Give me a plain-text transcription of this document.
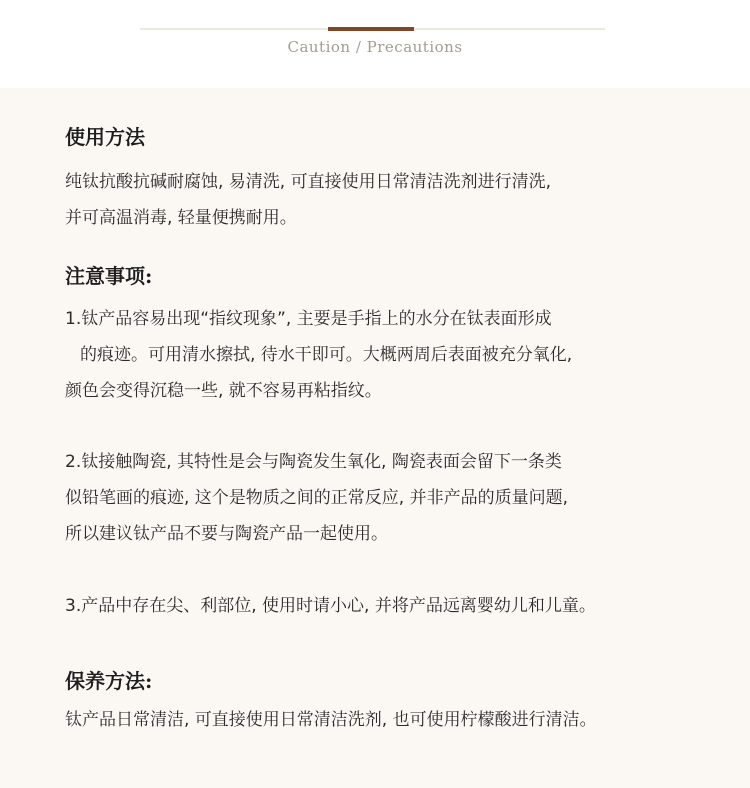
Caution / Precautions

使用方法

纯钛抗酸抗碱耐腐蚀, 易清洗, 可直接使用日常清洁洗剂进行清洗,

并可高温消毒, 轻量便携耐用。

注意事项:

1.钛产品容易出现“指纹现象”, 主要是手指上的水分在钛表面形成

的痕迹。可用清水擦拭, 待水干即可。大概两周后表面被充分氧化,

颜色会变得沉稳一些, 就不容易再粘指纹。

2.钛接触陶瓷, 其特性是会与陶瓷发生氧化, 陶瓷表面会留下一条类

似铅笔画的痕迹, 这个是物质之间的正常反应, 并非产品的质量问题,

所以建议钛产品不要与陶瓷产品一起使用。

3.产品中存在尖、利部位, 使用时请小心, 并将产品远离婴幼儿和儿童。

保养方法:

钛产品日常清洁, 可直接使用日常清洁洗剂, 也可使用柠檬酸进行清洁。
